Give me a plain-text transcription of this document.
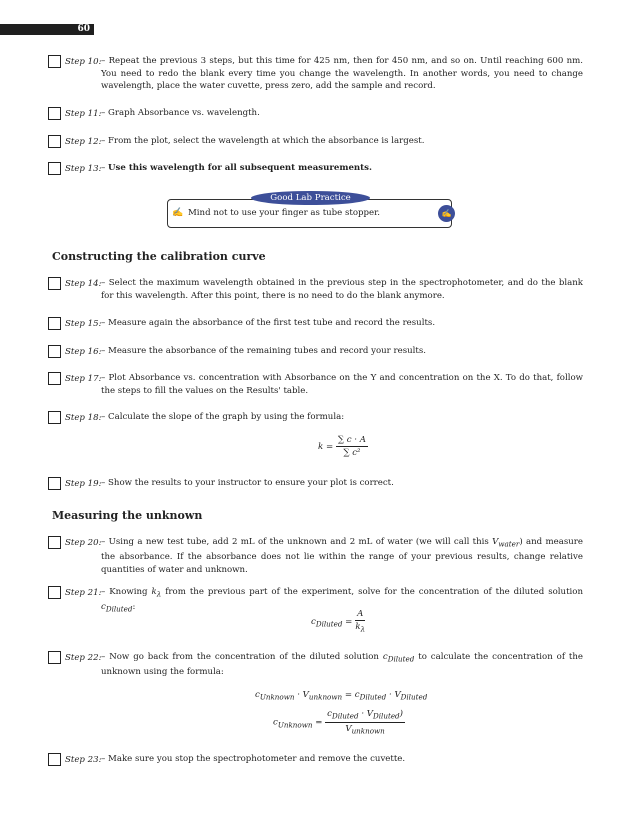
60
Step 10: – Repeat the previous 3 steps, but this time for 425 nm, then for 450 nm, and so on. Until reaching 600 nm. You need to redo the blank every time you change the wavelength. In another words, you need to change wavelength, place the water cuvette, press zero, add the sample and record.
Step 11: – Graph Absorbance vs. wavelength.
Step 12: – From the plot, select the wavelength at which the absorbance is largest.
Step 13: – Use this wavelength for all subsequent measurements.
✍ Mind not to use your finger as tube stopper.	✍
Good Lab Practice
Constructing the calibration curve
Step 14: – Select the maximum wavelength obtained in the previous step in the spectrophotometer, and do the blank for this wavelength. After this point, there is no need to do the blank anymore.
Step 15: – Measure again the absorbance of the first test tube and record the results.
Step 16: – Measure the absorbance of the remaining tubes and record your results.
Step 17: – Plot Absorbance vs. concentration with Absorbance on the Y and concentration on the X. To do that, follow the steps to fill the values on the Results' table.
Step 18: – Calculate the slope of the graph by using the formula:
$k = \frac{\sum c \cdot A}{\text{∑ c²}}$
Step 19: – Show the results to your instructor to ensure your plot is correct.
Measuring the unknown
Step 20: – Using a new test tube, add 2 mL of the unknown and 2 mL of water (we will call this $V_{water}$) and measure the absorbance. If the absorbance does not lie within the range of your previous results, change relative quantities of water and unknown.
Step 21: – Knowing $k_\lambda$ from the previous part of the experiment, solve for the concentration of the diluted solution $c_{Diluted}$:
$c_{Diluted} = \frac{A}{k_\lambda}$
Step 22: – Now go back from the concentration of the diluted solution $c_{Diluted}$ to calculate the concentration of the unknown using the formula:
$c_{Unknown} \cdot V_{unknown} = c_{Diluted} \cdot V_{Diluted}$
$c_{Unknown} = \frac{c_{Diluted} \cdot V_{Diluted})}{V_{unknown}}$
Step 23: – Make sure you stop the spectrophotometer and remove the cuvette.
